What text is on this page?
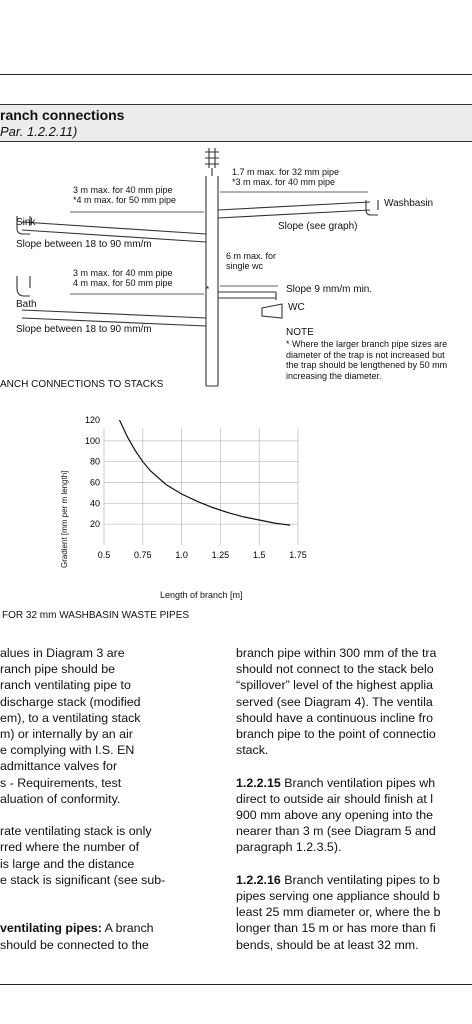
ranch connections
Par. 1.2.2.11)
*
3 m max. for 40 mm pipe
*4 m max. for 50 mm pipe
Sink
Slope between 18 to 90 mm/m
3 m max. for 40 mm pipe
4 m max. for 50 mm pipe
Bath
Slope between 18 to 90 mm/m
1.7 m max. for 32 mm pipe
*3 m max. for 40 mm pipe
Washbasin
Slope (see graph)
6 m max. for
single wc
Slope 9 mm/m min.
WC
NOTE
* Where the larger branch pipe sizes are
diameter of the trap is not increased but
the trap should be lengthened by 50 mm
increasing the diameter.
ANCH CONNECTIONS TO STACKS
0.5	0.75	1.0	1.25	1.5	1.75
120
100
80
60
40
20
Gradient [mm per m length]
Length of branch [m]
FOR 32 mm WASHBASIN WASTE PIPES

alues in Diagram 3 are

ranch pipe should be

ranch ventilating pipe to

discharge stack (modified

em), to a ventilating stack

m) or internally by an air

e complying with I.S. EN

admittance valves for

s - Requirements, test

aluation of conformity.

rate ventilating stack is only

rred where the number of

is large and the distance

e stack is significant (see sub-

ventilating pipes: A branch

should be connected to the

branch pipe within 300 mm of the tra

should not connect to the stack belo

“spillover” level of the highest applia

served (see Diagram 4). The ventila

should have a continuous incline fro

branch pipe to the point of connectio

stack.

1.2.2.15 Branch ventilation pipes wh

direct to outside air should finish at l

900 mm above any opening into the

nearer than 3 m (see Diagram 5 and

paragraph 1.2.3.5).

1.2.2.16 Branch ventilating pipes to b

pipes serving one appliance should b

least 25 mm diameter or, where the b

longer than 15 m or has more than fi

bends, should be at least 32 mm.
